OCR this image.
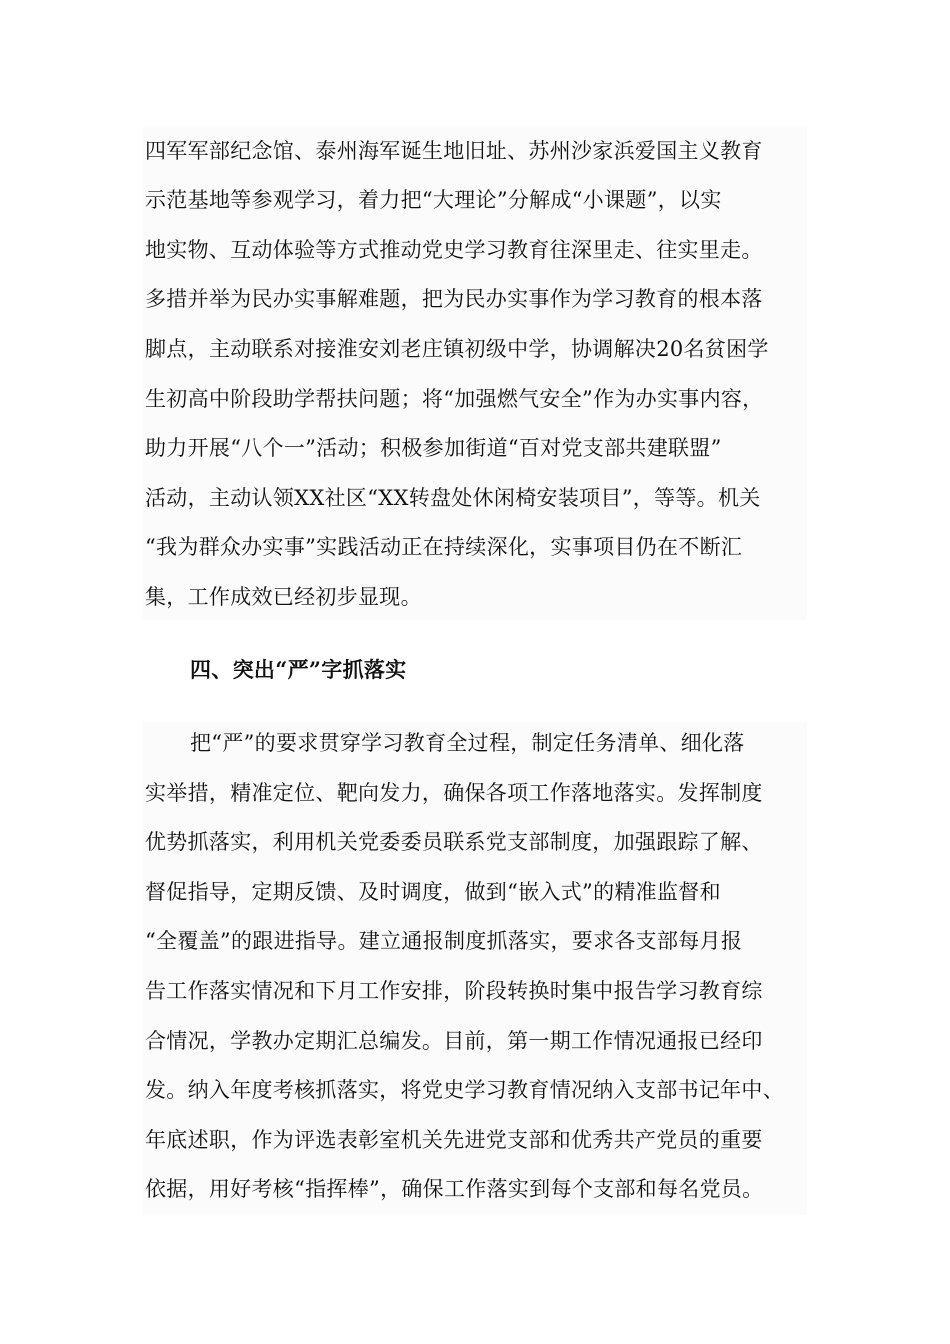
四军军部纪念馆、泰州海军诞生地旧址、苏州沙家浜爱国主义教育
示范基地等参观学习，着力把“大理论”分解成“小课题”，以实
地实物、互动体验等方式推动党史学习教育往深里走、往实里走。
多措并举为民办实事解难题，把为民办实事作为学习教育的根本落
脚点，主动联系对接淮安刘老庄镇初级中学，协调解决20名贫困学
生初高中阶段助学帮扶问题；将“加强燃气安全”作为办实事内容，
助力开展“八个一”活动；积极参加街道“百对党支部共建联盟”
活动，主动认领XX社区“XX转盘处休闲椅安装项目”，等等。机关
“我为群众办实事”实践活动正在持续深化，实事项目仍在不断汇
集，工作成效已经初步显现。
四、突出“严”字抓落实
把“严”的要求贯穿学习教育全过程，制定任务清单、细化落
实举措，精准定位、靶向发力，确保各项工作落地落实。发挥制度
优势抓落实，利用机关党委委员联系党支部制度，加强跟踪了解、
督促指导，定期反馈、及时调度，做到“嵌入式”的精准监督和
“全覆盖”的跟进指导。建立通报制度抓落实，要求各支部每月报
告工作落实情况和下月工作安排，阶段转换时集中报告学习教育综
合情况，学教办定期汇总编发。目前，第一期工作情况通报已经印
发。纳入年度考核抓落实，将党史学习教育情况纳入支部书记年中、
年底述职，作为评选表彰室机关先进党支部和优秀共产党员的重要
依据，用好考核“指挥棒”，确保工作落实到每个支部和每名党员。
